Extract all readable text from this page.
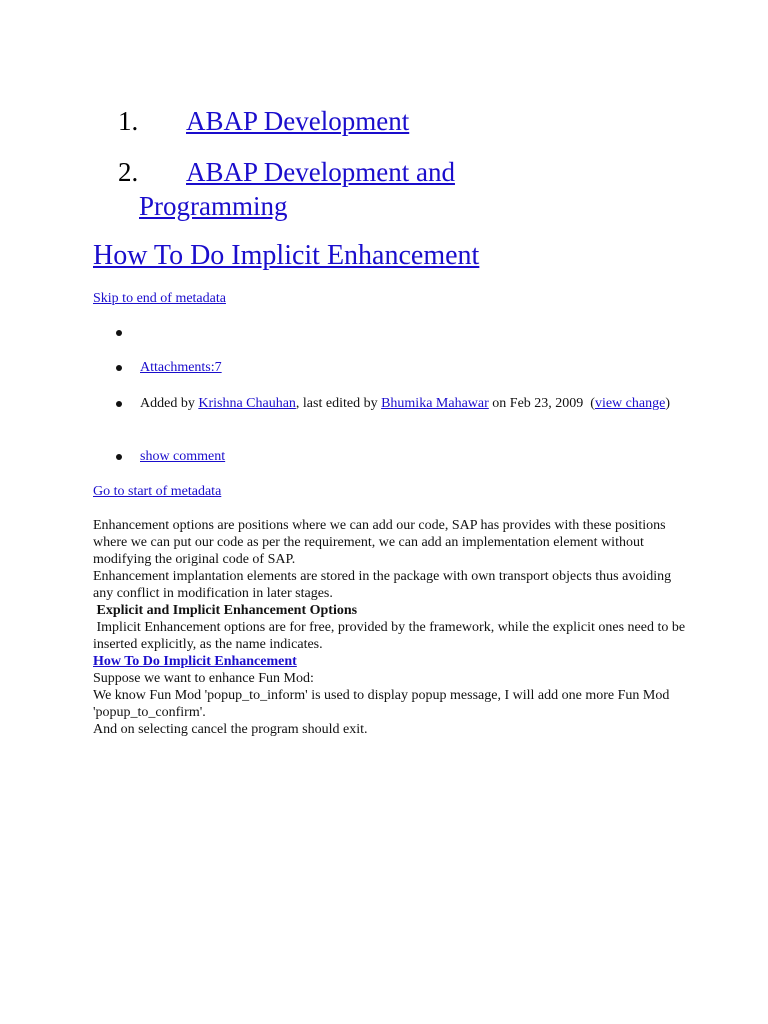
1. ABAP Development
2. ABAP Development and
Programming
How To Do Implicit Enhancement
Skip to end of metadata
Attachments:7
Added by Krishna Chauhan, last edited by Bhumika Mahawar on Feb 23, 2009 (view change)
show comment
Go to start of metadata

Enhancement options are positions where we can add our code, SAP has provides with these positions where we can put our code as per the requirement, we can add an implementation element without modifying the original code of SAP.

Enhancement implantation elements are stored in the package with own transport objects thus avoiding any conflict in modification in later stages.

Explicit and Implicit Enhancement Options

Implicit Enhancement options are for free, provided by the framework, while the explicit ones need to be inserted explicitly, as the name indicates.

How To Do Implicit Enhancement

Suppose we want to enhance Fun Mod:

We know Fun Mod 'popup_to_inform' is used to display popup message, I will add one more Fun Mod 'popup_to_confirm'.

And on selecting cancel the program should exit.
